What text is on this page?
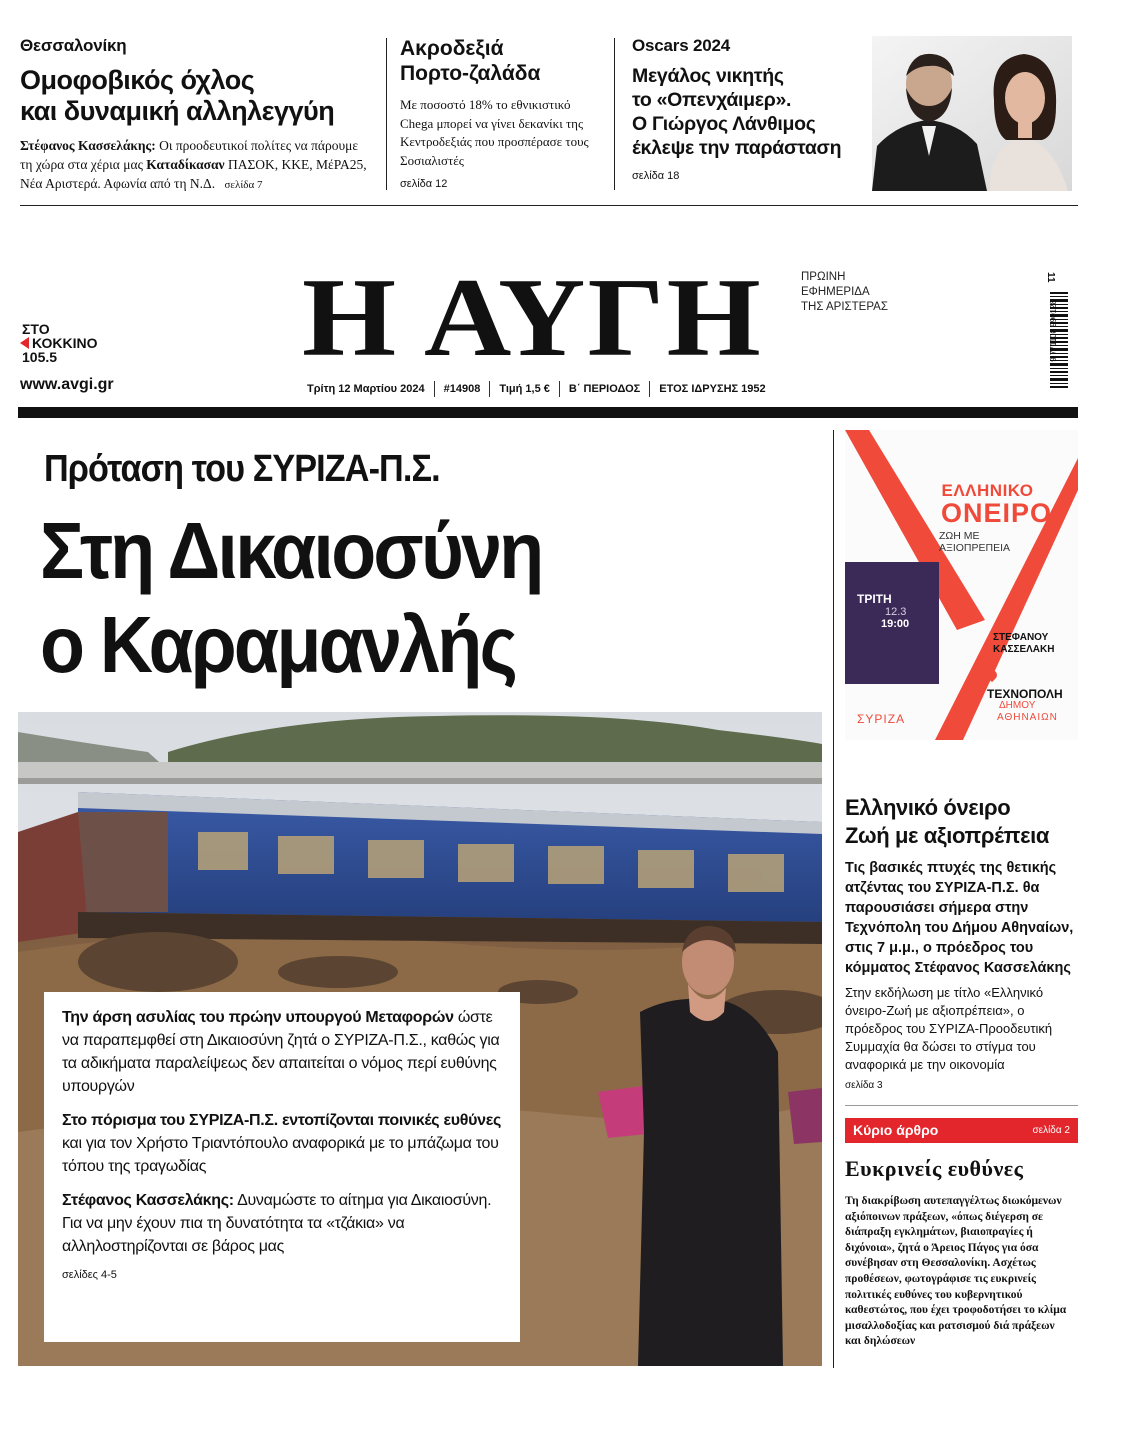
Θεσσαλονίκη
Ομοφοβικός όχλος
και δυναμική αλληλεγγύη
Στέφανος Κασσελάκης: Οι προοδευτικοί πολίτες να πάρουμε τη χώρα στα χέρια μας Καταδίκασαν ΠΑΣΟΚ, ΚΚΕ, ΜέΡΑ25, Νέα Αριστερά. Αφωνία από τη Ν.Δ. σελίδα 7
Ακροδεξιά
Πορτο-ζαλάδα
Με ποσοστό 18% το εθνικιστικό Chega μπορεί να γίνει δεκανίκι της Κεντροδεξιάς που προσπέρασε τους Σοσιαλιστές
σελίδα 12
Oscars 2024
Μεγάλος νικητής
το «Οπενχάιμερ».
Ο Γιώργος Λάνθιμος
έκλεψε την παράσταση
σελίδα 18
ΣΤΟ
ΚΟΚΚΙΝΟ
105.5
www.avgi.gr
Η ΑΥΓΗ	ΠΡΩΙΝΗ
ΕΦΗΜΕΡΙΔΑ
ΤΗΣ ΑΡΙΣΤΕΡΑΣ
11
9 771108 990128
Τρίτη 12 Μαρτίου 2024	#14908	Τιμή 1,5 €	Β΄ ΠΕΡΙΟΔΟΣ	ΕΤΟΣ ΙΔΡΥΣΗΣ 1952
Πρόταση του ΣΥΡΙΖΑ-Π.Σ.
Στη Δικαιοσύνη
ο Καραμανλής

Την άρση ασυλίας του πρώην υπουργού Μεταφορών ώστε να παραπεμφθεί στη Δικαιοσύνη ζητά ο ΣΥΡΙΖΑ-Π.Σ., καθώς για τα αδικήματα παραλείψεως δεν απαιτείται ο νόμος περί ευθύνης υπουργών

Στο πόρισμα του ΣΥΡΙΖΑ-Π.Σ. εντοπίζονται ποινικές ευθύνες και για τον Χρήστο Τριαντόπουλο αναφορικά με το μπάζωμα του τόπου της τραγωδίας

Στέφανος Κασσελάκης: Δυναμώστε το αίτημα για Δικαιοσύνη. Για να μην έχουν πια τη δυνατότητα τα «τζάκια» να αλληλοστηρίζονται σε βάρος μας

σελίδες 4-5
ΕΛΛΗΝΙΚΟ
ΟΝΕΙΡΟ
ΖΩΗ ΜΕ
ΑΞΙΟΠΡΕΠΕΙΑ
ΤΡΙΤΗ
12.3
19:00
ΣΤΕΦΑΝΟΥ
ΚΑΣΣΕΛΑΚΗ
ΤΕΧΝΟΠΟΛΗ
ΔΗΜΟΥ
ΑΘΗΝΑΙΩΝ
ΣΥΡΙΖΑ
Ελληνικό όνειρο
Ζωή με αξιοπρέπεια
Τις βασικές πτυχές της θετικής ατζέντας του ΣΥΡΙΖΑ-Π.Σ. θα παρουσιάσει σήμερα στην Τεχνόπολη του Δήμου Αθηναίων, στις 7 μ.μ., ο πρόεδρος του κόμματος Στέφανος Κασσελάκης
Στην εκδήλωση με τίτλο «Ελληνικό όνειρο-Ζωή με αξιοπρέπεια», ο πρόεδρος του ΣΥΡΙΖΑ-Προοδευτική Συμμαχία θα δώσει το στίγμα του αναφορικά με την οικονομία
σελίδα 3
Κύριο άρθρο	σελίδα 2
Ευκρινείς ευθύνες
Τη διακρίβωση αυτεπαγγέλτως διωκόμενων αξιόποινων πράξεων, «όπως διέγερση σε διάπραξη εγκλημάτων, βιαιοπραγίες ή διχόνοια», ζητά ο Άρειος Πάγος για όσα συνέβησαν στη Θεσσαλονίκη. Ασχέτως προθέσεων, φωτογράφισε τις ευκρινείς πολιτικές ευθύνες του κυβερνητικού καθεστώτος, που έχει τροφοδοτήσει το κλίμα μισαλλοδοξίας και ρατσισμού διά πράξεων και δηλώσεων
